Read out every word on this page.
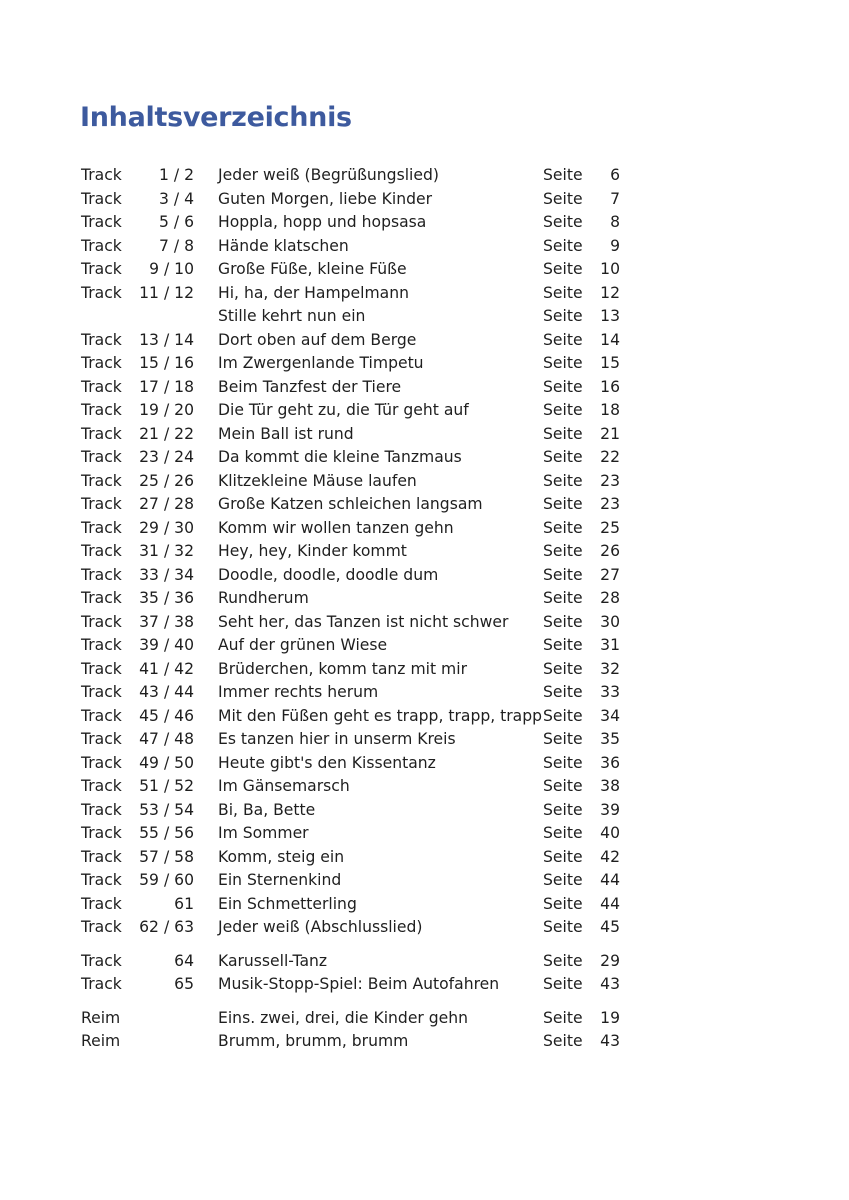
Inhaltsverzeichnis
Track	1 / 2 Jeder weiß (Begrüßungslied)	Seite	6
Track	3 / 4 Guten Morgen, liebe Kinder	Seite	7
Track	5 / 6 Hoppla, hopp und hopsasa	Seite	8
Track	7 / 8 Hände klatschen	Seite	9
Track	9 / 10 Große Füße, kleine Füße	Seite	10
Track	11 / 12 Hi, ha, der Hampelmann	Seite	12
Stille kehrt nun ein	Seite	13
Track	13 / 14 Dort oben auf dem Berge	Seite	14
Track	15 / 16 Im Zwergenlande Timpetu	Seite	15
Track	17 / 18 Beim Tanzfest der Tiere	Seite	16
Track	19 / 20 Die Tür geht zu, die Tür geht auf	Seite	18
Track	21 / 22 Mein Ball ist rund	Seite	21
Track	23 / 24 Da kommt die kleine Tanzmaus	Seite	22
Track	25 / 26 Klitzekleine Mäuse laufen	Seite	23
Track	27 / 28 Große Katzen schleichen langsam	Seite	23
Track	29 / 30 Komm wir wollen tanzen gehn	Seite	25
Track	31 / 32 Hey, hey, Kinder kommt	Seite	26
Track	33 / 34 Doodle, doodle, doodle dum	Seite	27
Track	35 / 36 Rundherum	Seite	28
Track	37 / 38 Seht her, das Tanzen ist nicht schwer Seite	30
Track	39 / 40 Auf der grünen Wiese	Seite	31
Track	41 / 42 Brüderchen, komm tanz mit mir	Seite	32
Track	43 / 44 Immer rechts herum	Seite	33
Track	45 / 46 Mit den Füßen geht es trapp, trapp, trapp Seite	34
Track	47 / 48 Es tanzen hier in unserm Kreis	Seite	35
Track	49 / 50 Heute gibt's den Kissentanz	Seite	36
Track	51 / 52 Im Gänsemarsch	Seite	38
Track	53 / 54 Bi, Ba, Bette	Seite	39
Track	55 / 56 Im Sommer	Seite	40
Track	57 / 58 Komm, steig ein	Seite	42
Track	59 / 60 Ein Sternenkind	Seite	44
Track	61 Ein Schmetterling	Seite	44
Track	62 / 63 Jeder weiß (Abschlusslied)	Seite	45
Track	64 Karussell-Tanz	Seite	29
Track	65 Musik-Stopp-Spiel: Beim Autofahren	Seite	43
Reim	Eins. zwei, drei, die Kinder gehn	Seite	19
Reim	Brumm, brumm, brumm	Seite	43
